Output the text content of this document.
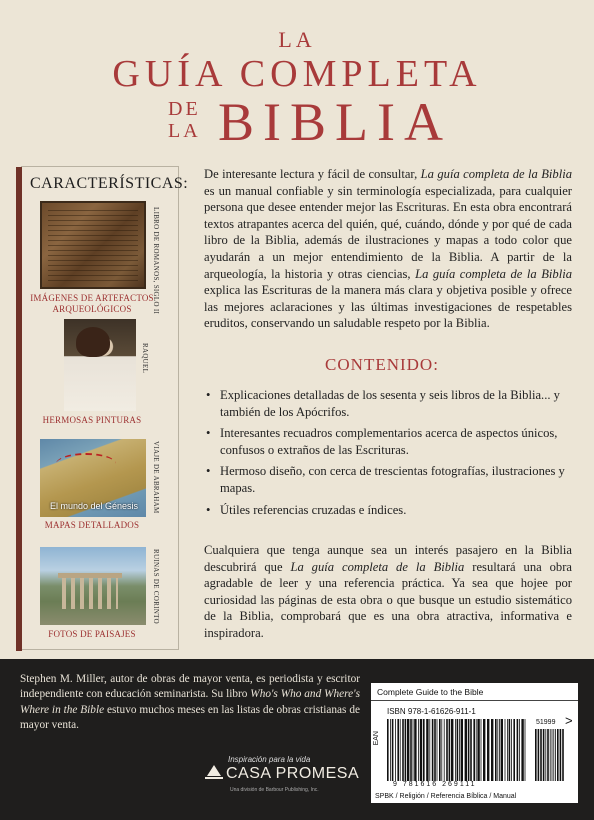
LA
GUÍA COMPLETA
DE
LA BIBLIA
CARACTERÍSTICAS:
LIBRO DE ROMANOS, SIGLO II
IMÁGENES DE ARTEFACTOS ARQUEOLÓGICOS
RAQUEL
HERMOSAS PINTURAS
El mundo del Génesis VIAJE DE ABRAHAM
MAPAS DETALLADOS
RUINAS DE CORINTO
FOTOS DE PAISAJES

De interesante lectura y fácil de consultar, La guía completa de la Biblia es un manual confiable y sin terminología especializada, para cualquier persona que desee entender mejor las Escrituras. En esta obra encontrará textos atrapantes acerca del quién, qué, cuándo, dónde y por qué de cada libro de la Biblia, además de ilustraciones y mapas a todo color que ayudarán a un mejor entendimiento de la Biblia. A partir de la arqueología, la historia y otras ciencias, La guía completa de la Biblia explica las Escrituras de la manera más clara y objetiva posible y ofrece las mejores aclaraciones y las últimas investigaciones de respetables eruditos, conservando un saludable respeto por la Biblia.

CONTENIDO:
• Explicaciones detalladas de los sesenta y seis libros de la Biblia... y también de los Apócrifos.
• Interesantes recuadros complementarios acerca de aspectos únicos, confusos o extraños de las Escrituras.
• Hermoso diseño, con cerca de trescientas fotografías, ilustraciones y mapas.
• Útiles referencias cruzadas e índices.

Cualquiera que tenga aunque sea un interés pasajero en la Biblia descubrirá que La guía completa de la Biblia resultará una obra agradable de leer y una referencia práctica. Ya sea que hojee por curiosidad las páginas de esta obra o que busque un estudio sistemático de la Biblia, comprobará que es una obra atractiva, informativa e inspiradora.

Stephen M. Miller, autor de obras de mayor venta, es periodista y escritor independiente con educación seminarista. Su libro Who's Who and Where's Where in the Bible estuvo muchos meses en las listas de obras cristianas de mayor venta.

Inspiración para la vida
CASA PROMESA
Una división de Barbour Publishing, Inc.
Complete Guide to the Bible
ISBN 978-1-61626-911-1
EAN
51999 >
9 781616 269111
SPBK / Religión / Referencia Bíblica / Manual
